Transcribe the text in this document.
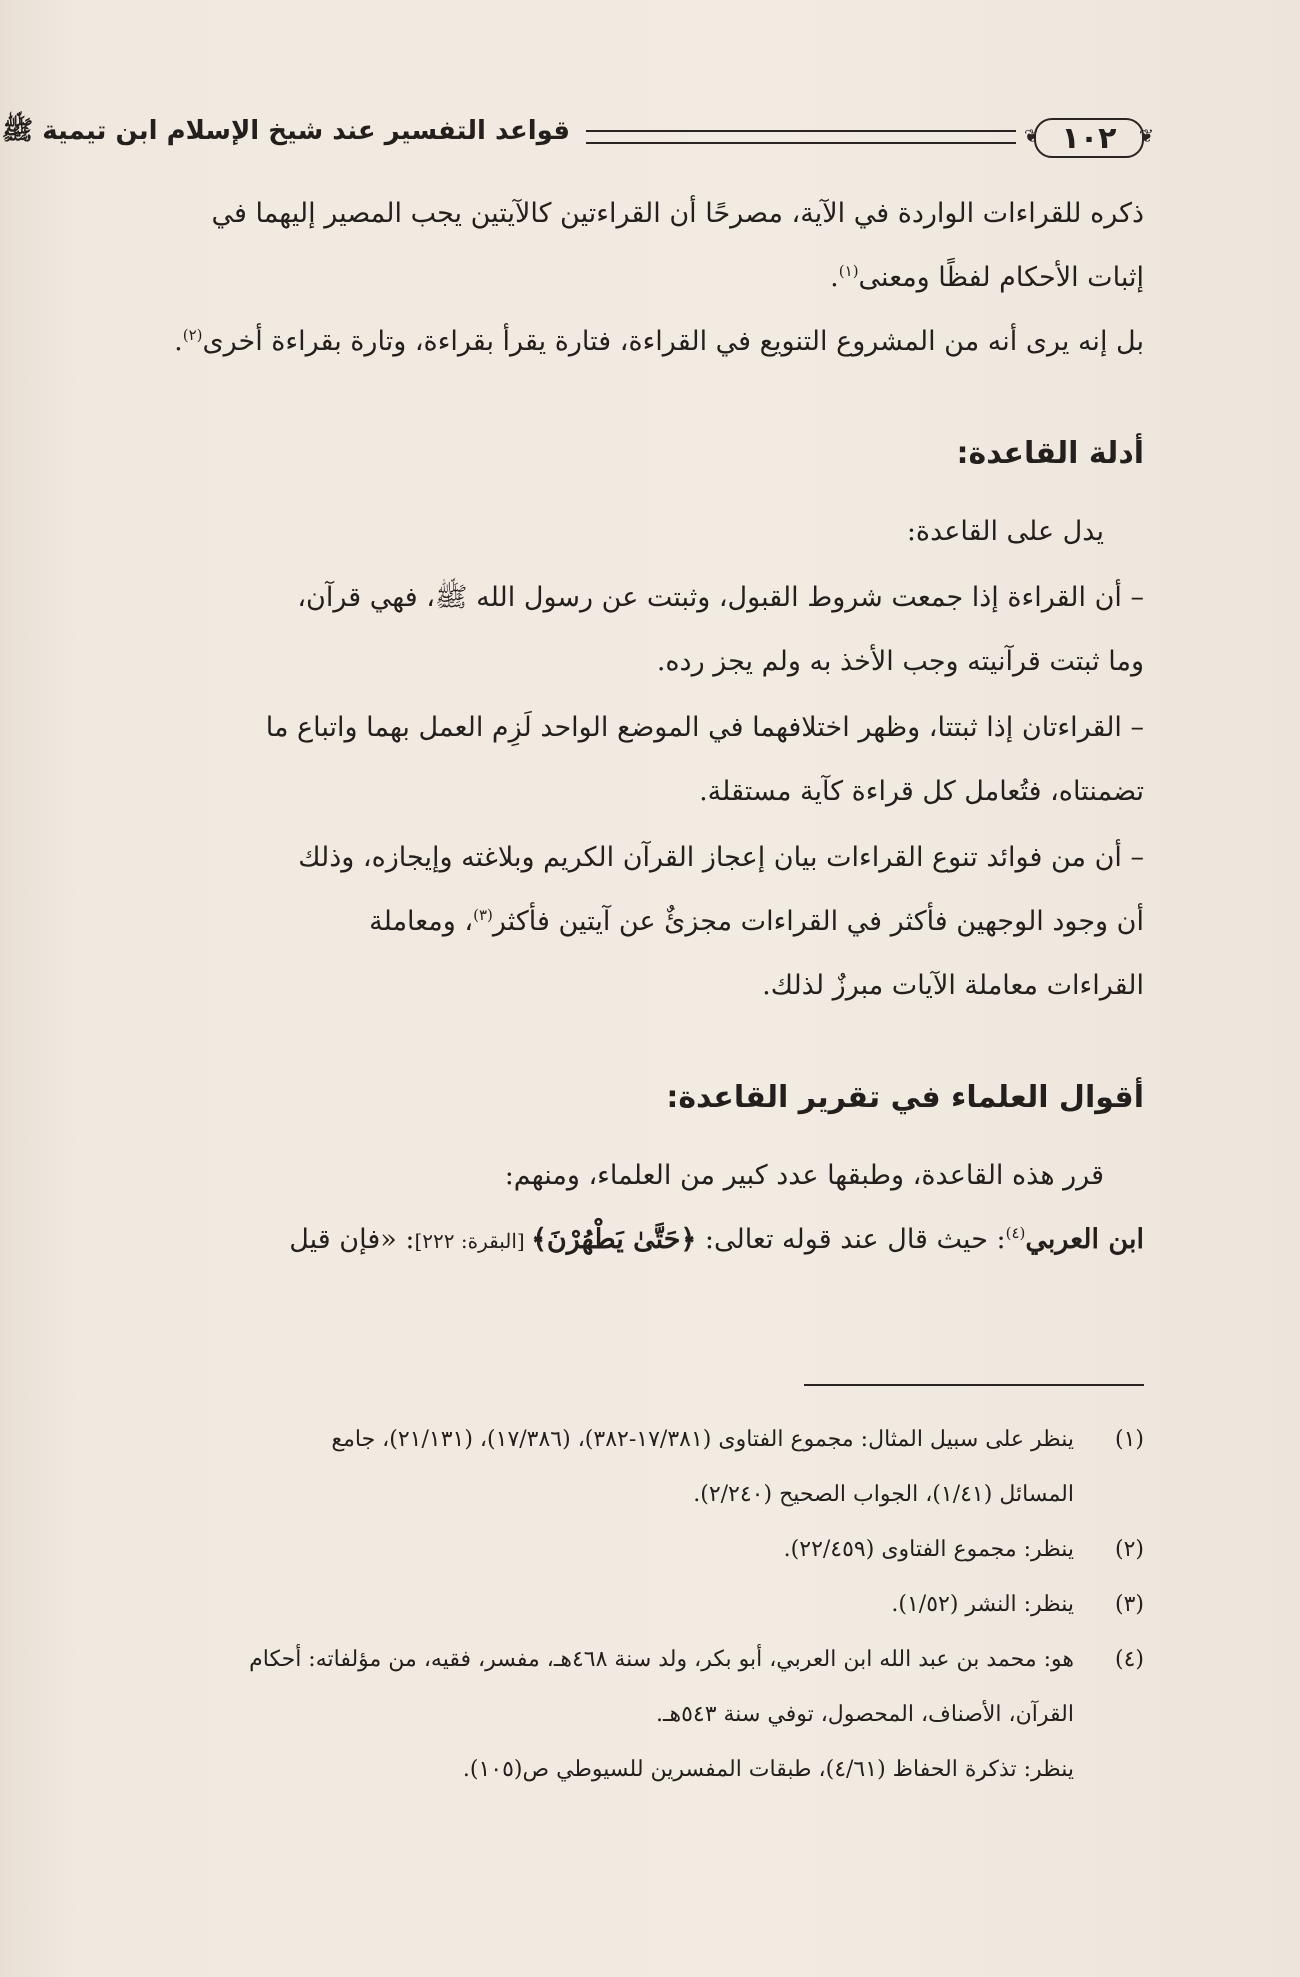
❦
١٠٢
❦
قواعد التفسير عند شيخ الإسلام ابن تيمية ﷺ

ذكره للقراءات الواردة في الآية، مصرحًا أن القراءتين كالآيتين يجب المصير إليهما في
إثبات الأحكام لفظًا ومعنى$^{(١)}$.

بل إنه يرى أنه من المشروع التنويع في القراءة، فتارة يقرأ بقراءة، وتارة بقراءة أخرى$^{(٢)}$.

أدلة القاعدة:

يدل على القاعدة:

– أن القراءة إذا جمعت شروط القبول، وثبتت عن رسول الله ﷺ، فهي قرآن،
وما ثبتت قرآنيته وجب الأخذ به ولم يجز رده.

– القراءتان إذا ثبتتا، وظهر اختلافهما في الموضع الواحد لَزِم العمل بهما واتباع ما
تضمنتاه، فتُعامل كل قراءة كآية مستقلة.

– أن من فوائد تنوع القراءات بيان إعجاز القرآن الكريم وبلاغته وإيجازه، وذلك
أن وجود الوجهين فأكثر في القراءات مجزئٌ عن آيتين فأكثر$^{(٣)}$، ومعاملة
القراءات معاملة الآيات مبرزٌ لذلك.

أقوال العلماء في تقرير القاعدة:

قرر هذه القاعدة، وطبقها عدد كبير من العلماء، ومنهم:

ابن العربي$^{(٤)}$: حيث قال عند قوله تعالى: ﴿حَتَّىٰ يَطْهُرْنَ﴾ [البقرة: ٢٢٢]: «فإن قيل

(١)
ينظر على سبيل المثال: مجموع الفتاوى (١٧/٣٨١-٣٨٢)، (١٧/٣٨٦)، (٢١/١٣١)، جامع
المسائل (١/٤١)، الجواب الصحيح (٢/٢٤٠).
(٢)
ينظر: مجموع الفتاوى (٢٢/٤٥٩).
(٣)
ينظر: النشر (١/٥٢).
(٤)
هو: محمد بن عبد الله ابن العربي، أبو بكر، ولد سنة ٤٦٨هـ، مفسر، فقيه، من مؤلفاته: أحكام
القرآن، الأصناف، المحصول، توفي سنة ٥٤٣هـ.
ينظر: تذكرة الحفاظ (٤/٦١)، طبقات المفسرين للسيوطي ص(١٠٥).
